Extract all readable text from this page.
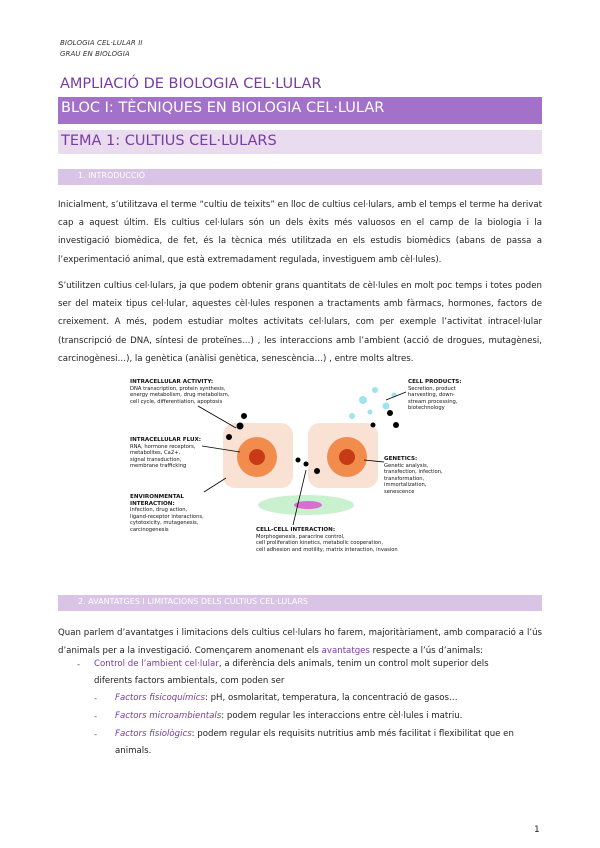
BIOLOGIA CEL·LULAR II
GRAU EN BIOLOGIA
AMPLIACIÓ DE BIOLOGIA CEL·LULAR
BLOC I: TÈCNIQUES EN BIOLOGIA CEL·LULAR
TEMA 1: CULTIUS CEL·LULARS
1. INTRODUCCIÓ
Inicialment, s’utilitzava el terme “cultiu de teixits” en lloc de cultius cel·lulars, amb el temps el terme ha derivat cap a aquest últim. Els cultius cel·lulars són un dels èxits més valuosos en el camp de la biologia i la investigació biomèdica, de fet, és la tècnica més utilitzada en els estudis biomèdics (abans de passa a l’experimentació animal, que està extremadament regulada, investiguem amb cèl·lules).
S’utilitzen cultius cel·lulars, ja que podem obtenir grans quantitats de cèl·lules en molt poc temps i totes poden ser del mateix tipus cel·lular, aquestes cèl·lules responen a tractaments amb fàrmacs, hormones, factors de creixement. A més, podem estudiar moltes activitats cel·lulars, com per exemple l’activitat intracel·lular (transcripció de DNA, síntesi de proteïnes…) , les interaccions amb l’ambient (acció de drogues, mutagènesi, carcinogènesi…), la genètica (anàlisi genètica, senescència…) , entre molts altres.
INTRACELLULAR ACTIVITY:
DNA transcription, protein synthesis,
energy metabolism, drug metabolism,
cell cycle, differentiation, apoptosis
INTRACELLULAR FLUX:
RNA, hormone receptors,
metabolites, Ca2+,
signal transduction,
membrane trafficking
ENVIRONMENTAL
INTERACTION:
Infection, drug action,
ligand-receptor interactions,
cytotoxicity, mutagenesis,
carcinogenesis
CELL PRODUCTS:
Secretion, product
harvesting, down-
stream processing,
biotechnology
GENETICS:
Genetic analysis,
transfection, infection,
transformation,
immortalization,
senescence
CELL-CELL INTERACTION:
Morphogenesis, paracrine control,
cell proliferation kinetics, metabolic cooperation,
cell adhesion and motility, matrix interaction, invasion
2. AVANTATGES I LIMITACIONS DELS CULTIUS CEL·LULARS
Quan parlem d’avantatges i limitacions dels cultius cel·lulars ho farem, majoritàriament, amb comparació a l’ús d’animals per a la investigació. Començarem anomenant els avantatges respecte a l’ús d’animals:
- Control de l’ambient cel·lular, a diferència dels animals, tenim un control molt superior dels
diferents factors ambientals, com poden ser
- Factors fisicoquímics: pH, osmolaritat, temperatura, la concentració de gasos…
- Factors microambientals: podem regular les interaccions entre cèl·lules i matriu.
- Factors fisiològics: podem regular els requisits nutritius amb més facilitat i flexibilitat que en
animals.
1
